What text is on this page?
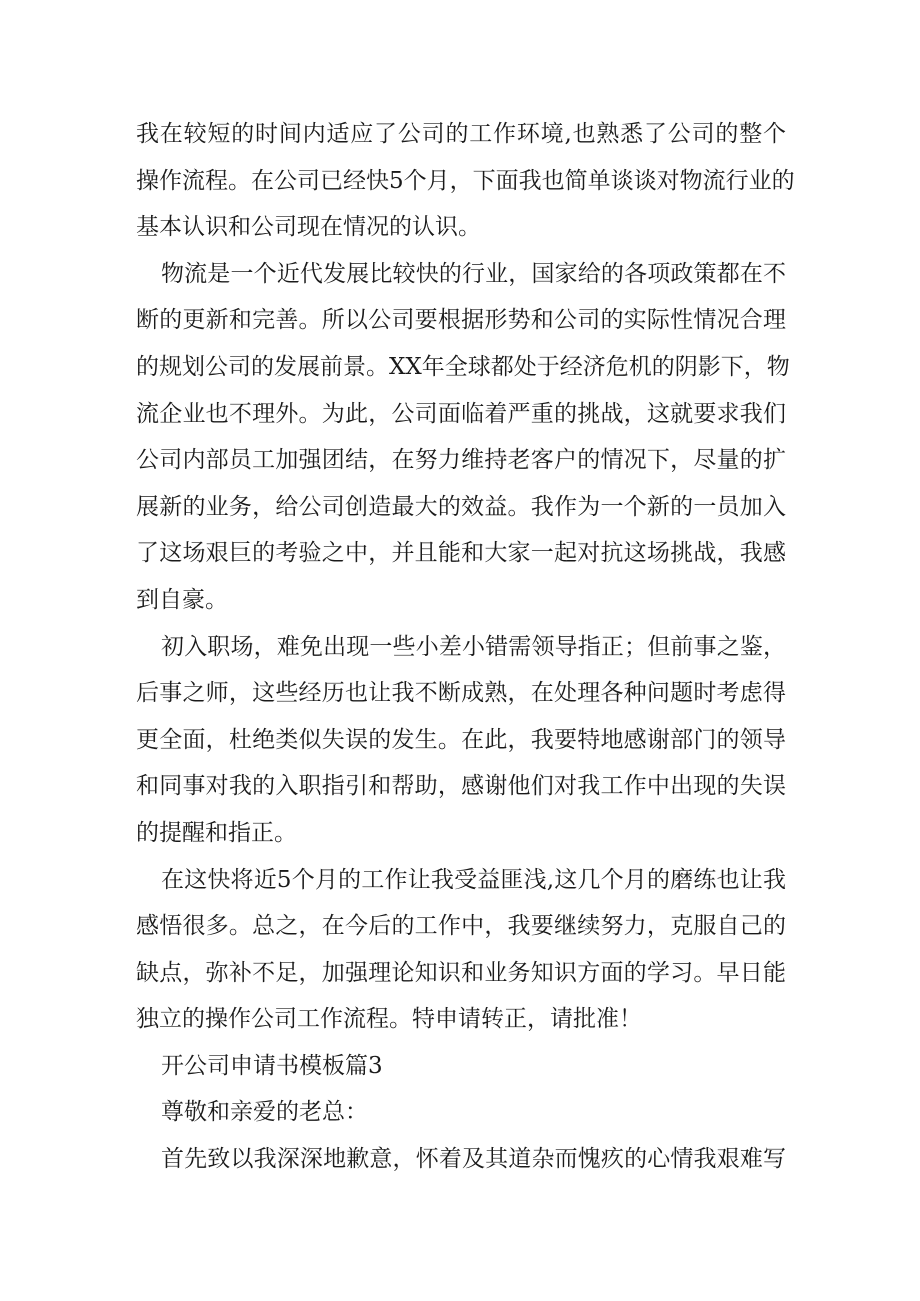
我在较短的时间内适应了公司的工作环境,也熟悉了公司的整个
操作流程。在公司已经快5个月，下面我也简单谈谈对物流行业的
基本认识和公司现在情况的认识。
物流是一个近代发展比较快的行业，国家给的各项政策都在不
断的更新和完善。所以公司要根据形势和公司的实际性情况合理
的规划公司的发展前景。XX年全球都处于经济危机的阴影下，物
流企业也不理外。为此，公司面临着严重的挑战，这就要求我们
公司内部员工加强团结，在努力维持老客户的情况下，尽量的扩
展新的业务，给公司创造最大的效益。我作为一个新的一员加入
了这场艰巨的考验之中，并且能和大家一起对抗这场挑战，我感
到自豪。
初入职场，难免出现一些小差小错需领导指正；但前事之鉴，
后事之师，这些经历也让我不断成熟，在处理各种问题时考虑得
更全面，杜绝类似失误的发生。在此，我要特地感谢部门的领导
和同事对我的入职指引和帮助，感谢他们对我工作中出现的失误
的提醒和指正。
在这快将近5个月的工作让我受益匪浅,这几个月的磨练也让我
感悟很多。总之，在今后的工作中，我要继续努力，克服自己的
缺点，弥补不足，加强理论知识和业务知识方面的学习。早日能
独立的操作公司工作流程。特申请转正，请批准！
开公司申请书模板篇3
尊敬和亲爱的老总：
首先致以我深深地歉意，怀着及其道杂而愧疚的心情我艰难写
